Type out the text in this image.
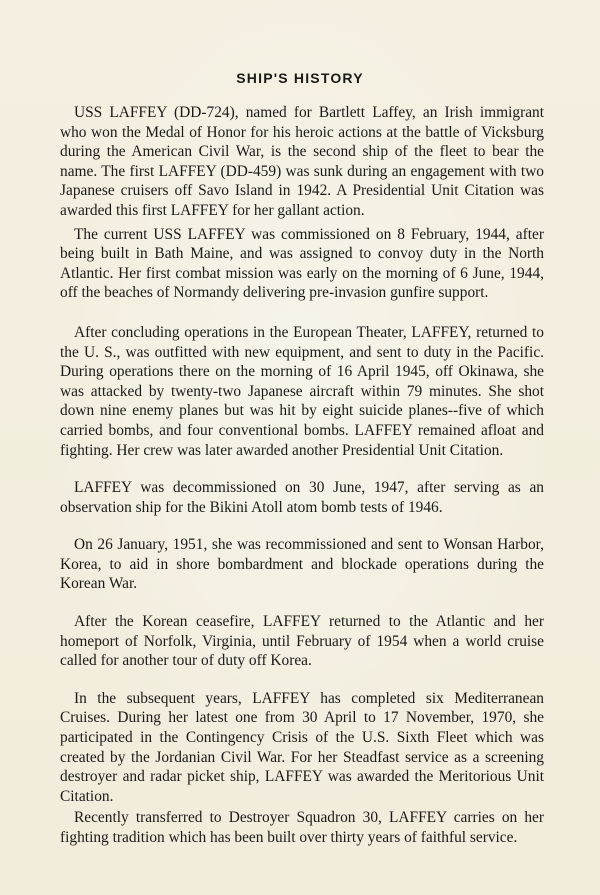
SHIP'S HISTORY

USS LAFFEY (DD-724), named for Bartlett Laffey, an Irish immigrant who won the Medal of Honor for his heroic actions at the battle of Vicksburg during the American Civil War, is the second ship of the fleet to bear the name. The first LAFFEY (DD-459) was sunk during an engagement with two Japanese cruisers off Savo Island in 1942. A Presidential Unit Citation was awarded this first LAFFEY for her gallant action.

The current USS LAFFEY was commissioned on 8 February, 1944, after being built in Bath Maine, and was assigned to convoy duty in the North Atlantic. Her first combat mission was early on the morning of 6 June, 1944, off the beaches of Normandy delivering pre-invasion gunfire support.

After concluding operations in the European Theater, LAFFEY, returned to the U. S., was outfitted with new equipment, and sent to duty in the Pacific. During operations there on the morning of 16 April 1945, off Okinawa, she was attacked by twenty-two Japanese aircraft within 79 minutes. She shot down nine enemy planes but was hit by eight suicide planes--five of which carried bombs, and four conventional bombs. LAFFEY remained afloat and fighting. Her crew was later awarded another Presidential Unit Citation.

LAFFEY was decommissioned on 30 June, 1947, after serving as an observation ship for the Bikini Atoll atom bomb tests of 1946.

On 26 January, 1951, she was recommissioned and sent to Wonsan Harbor, Korea, to aid in shore bombardment and blockade operations during the Korean War.

After the Korean ceasefire, LAFFEY returned to the Atlantic and her homeport of Norfolk, Virginia, until February of 1954 when a world cruise called for another tour of duty off Korea.

In the subsequent years, LAFFEY has completed six Mediterranean Cruises. During her latest one from 30 April to 17 November, 1970, she participated in the Contingency Crisis of the U.S. Sixth Fleet which was created by the Jordanian Civil War. For her Steadfast service as a screening destroyer and radar picket ship, LAFFEY was awarded the Meritorious Unit Citation.

Recently transferred to Destroyer Squadron 30, LAFFEY carries on her fighting tradition which has been built over thirty years of faithful service.
